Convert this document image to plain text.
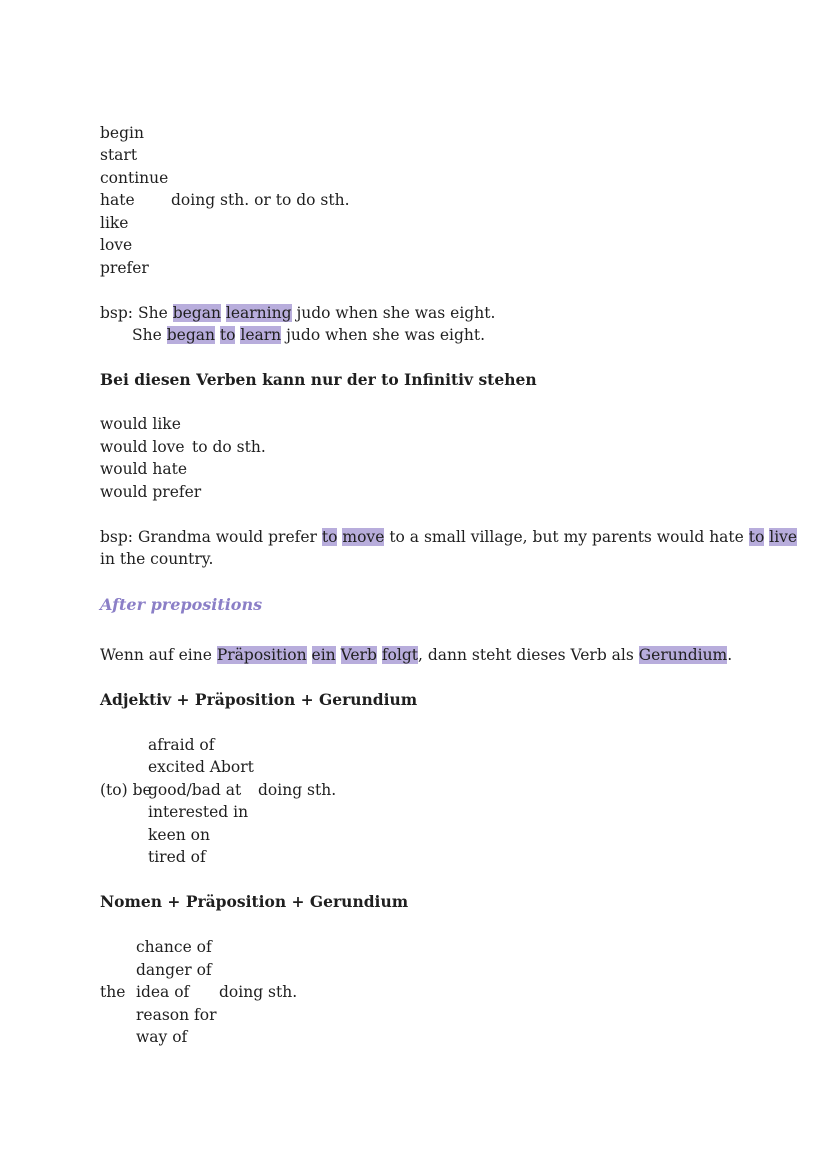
begin
start
continue
hate doing sth. or to do sth.
like
love
prefer
bsp: She began learning judo when she was eight.
She began to learn judo when she was eight.
Bei diesen Verben kann nur der to Infinitiv stehen
would like
would love to do sth.
would hate
would prefer
bsp: Grandma would prefer to move to a small village, but my parents would hate to live
in the country.
After prepositions
Wenn auf eine Präposition ein Verb folgt, dann steht dieses Verb als Gerundium.
Adjektiv + Präposition + Gerundium
afraid of
excited Abort
(to) be
good/bad at doing sth.
interested in
keen on
tired of
Nomen + Präposition + Gerundium
chance of
danger of
the idea of doing sth.
reason for
way of
